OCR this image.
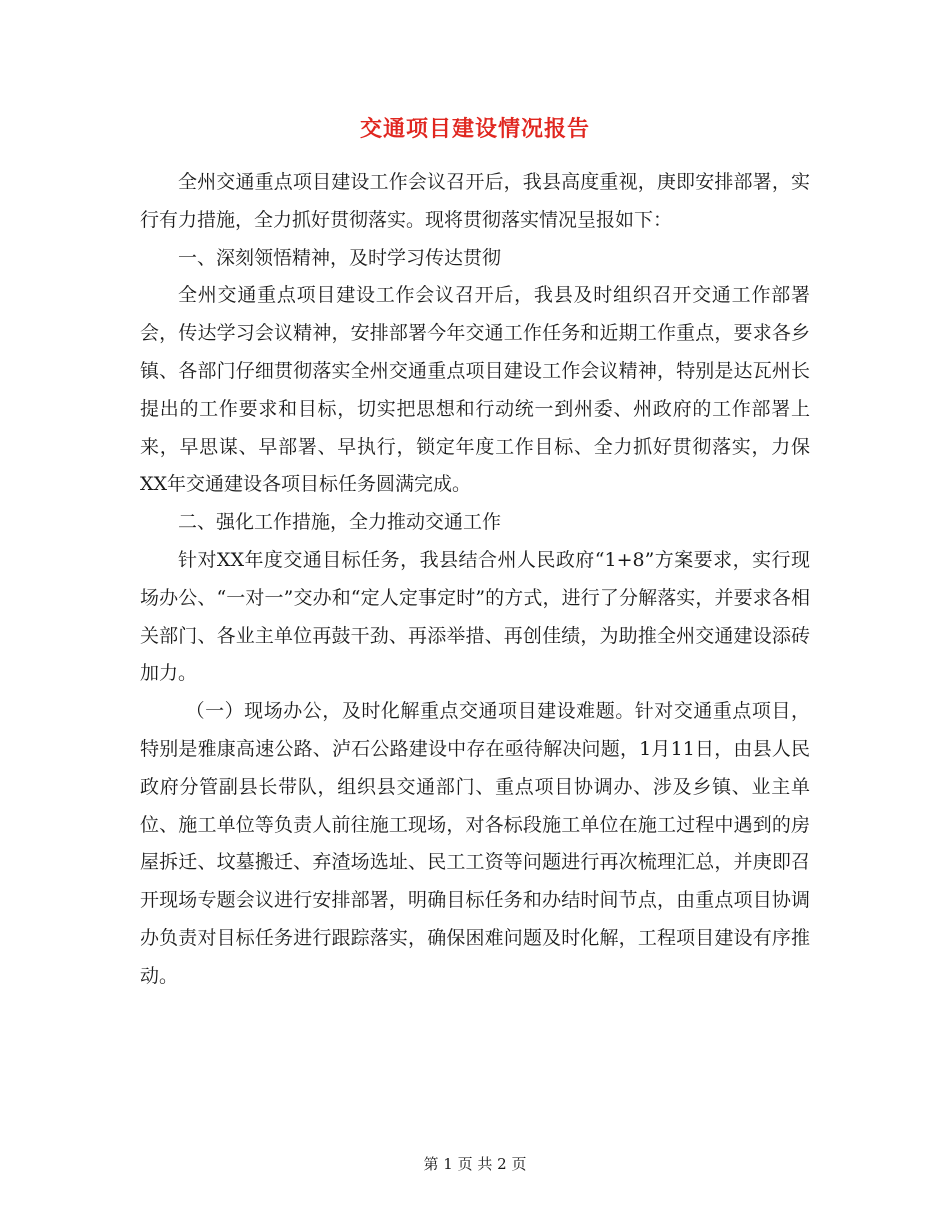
交通项目建设情况报告

全州交通重点项目建设工作会议召开后，我县高度重视，庚即安排部署，实行有力措施，全力抓好贯彻落实。现将贯彻落实情况呈报如下：

一、深刻领悟精神，及时学习传达贯彻

全州交通重点项目建设工作会议召开后，我县及时组织召开交通工作部署会，传达学习会议精神，安排部署今年交通工作任务和近期工作重点，要求各乡镇、各部门仔细贯彻落实全州交通重点项目建设工作会议精神，特别是达瓦州长提出的工作要求和目标，切实把思想和行动统一到州委、州政府的工作部署上来，早思谋、早部署、早执行，锁定年度工作目标、全力抓好贯彻落实，力保XX年交通建设各项目标任务圆满完成。

二、强化工作措施，全力推动交通工作

针对XX年度交通目标任务，我县结合州人民政府“1+8”方案要求，实行现场办公、“一对一”交办和“定人定事定时”的方式，进行了分解落实，并要求各相关部门、各业主单位再鼓干劲、再添举措、再创佳绩，为助推全州交通建设添砖加力。

（一）现场办公，及时化解重点交通项目建设难题。针对交通重点项目，特别是雅康高速公路、泸石公路建设中存在亟待解决问题，1月11日，由县人民政府分管副县长带队，组织县交通部门、重点项目协调办、涉及乡镇、业主单位、施工单位等负责人前往施工现场，对各标段施工单位在施工过程中遇到的房屋拆迁、坟墓搬迁、弃渣场选址、民工工资等问题进行再次梳理汇总，并庚即召开现场专题会议进行安排部署，明确目标任务和办结时间节点，由重点项目协调办负责对目标任务进行跟踪落实，确保困难问题及时化解，工程项目建设有序推动。

第 1 页 共 2 页
